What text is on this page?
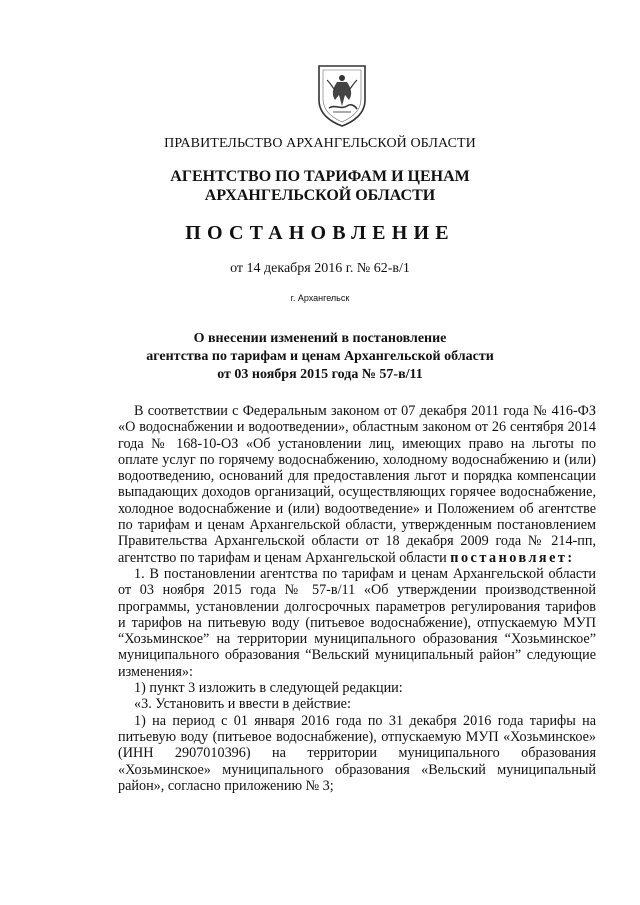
ПРАВИТЕЛЬСТВО АРХАНГЕЛЬСКОЙ ОБЛАСТИ
АГЕНТСТВО ПО ТАРИФАМ И ЦЕНАМ
АРХАНГЕЛЬСКОЙ ОБЛАСТИ
ПОСТАНОВЛЕНИЕ
от 14 декабря 2016 г. № 62-в/1
г. Архангельск
О внесении изменений в постановление
агентства по тарифам и ценам Архангельской области
от 03 ноября 2015 года № 57-в/11

В соответствии с Федеральным законом от 07 декабря 2011 года № 416-ФЗ «О водоснабжении и водоотведении», областным законом от 26 сентября 2014 года № 168-10-ОЗ «Об установлении лиц, имеющих право на льготы по оплате услуг по горячему водоснабжению, холодному водоснабжению и (или) водоотведению, оснований для предоставления льгот и порядка компенсации выпадающих доходов организаций, осуществляющих горячее водоснабжение, холодное водоснабжение и (или) водоотведение» и Положением об агентстве по тарифам и ценам Архангельской области, утвержденным постановлением Правительства Архангельской области от 18 декабря 2009 года № 214-пп, агентство по тарифам и ценам Архангельской области постановляет:

1. В постановлении агентства по тарифам и ценам Архангельской области от 03 ноября 2015 года № 57-в/11 «Об утверждении производственной программы, установлении долгосрочных параметров регулирования тарифов и тарифов на питьевую воду (питьевое водоснабжение), отпускаемую МУП “Хозьминское” на территории муниципального образования “Хозьминское” муниципального образования “Вельский муниципальный район” следующие изменения»:

1) пункт 3 изложить в следующей редакции:

«3. Установить и ввести в действие:

1) на период с 01 января 2016 года по 31 декабря 2016 года тарифы на питьевую воду (питьевое водоснабжение), отпускаемую МУП «Хозьминское» (ИНН 2907010396) на территории муниципального образования «Хозьминское» муниципального образования «Вельский муниципальный район», согласно приложению № 3;
